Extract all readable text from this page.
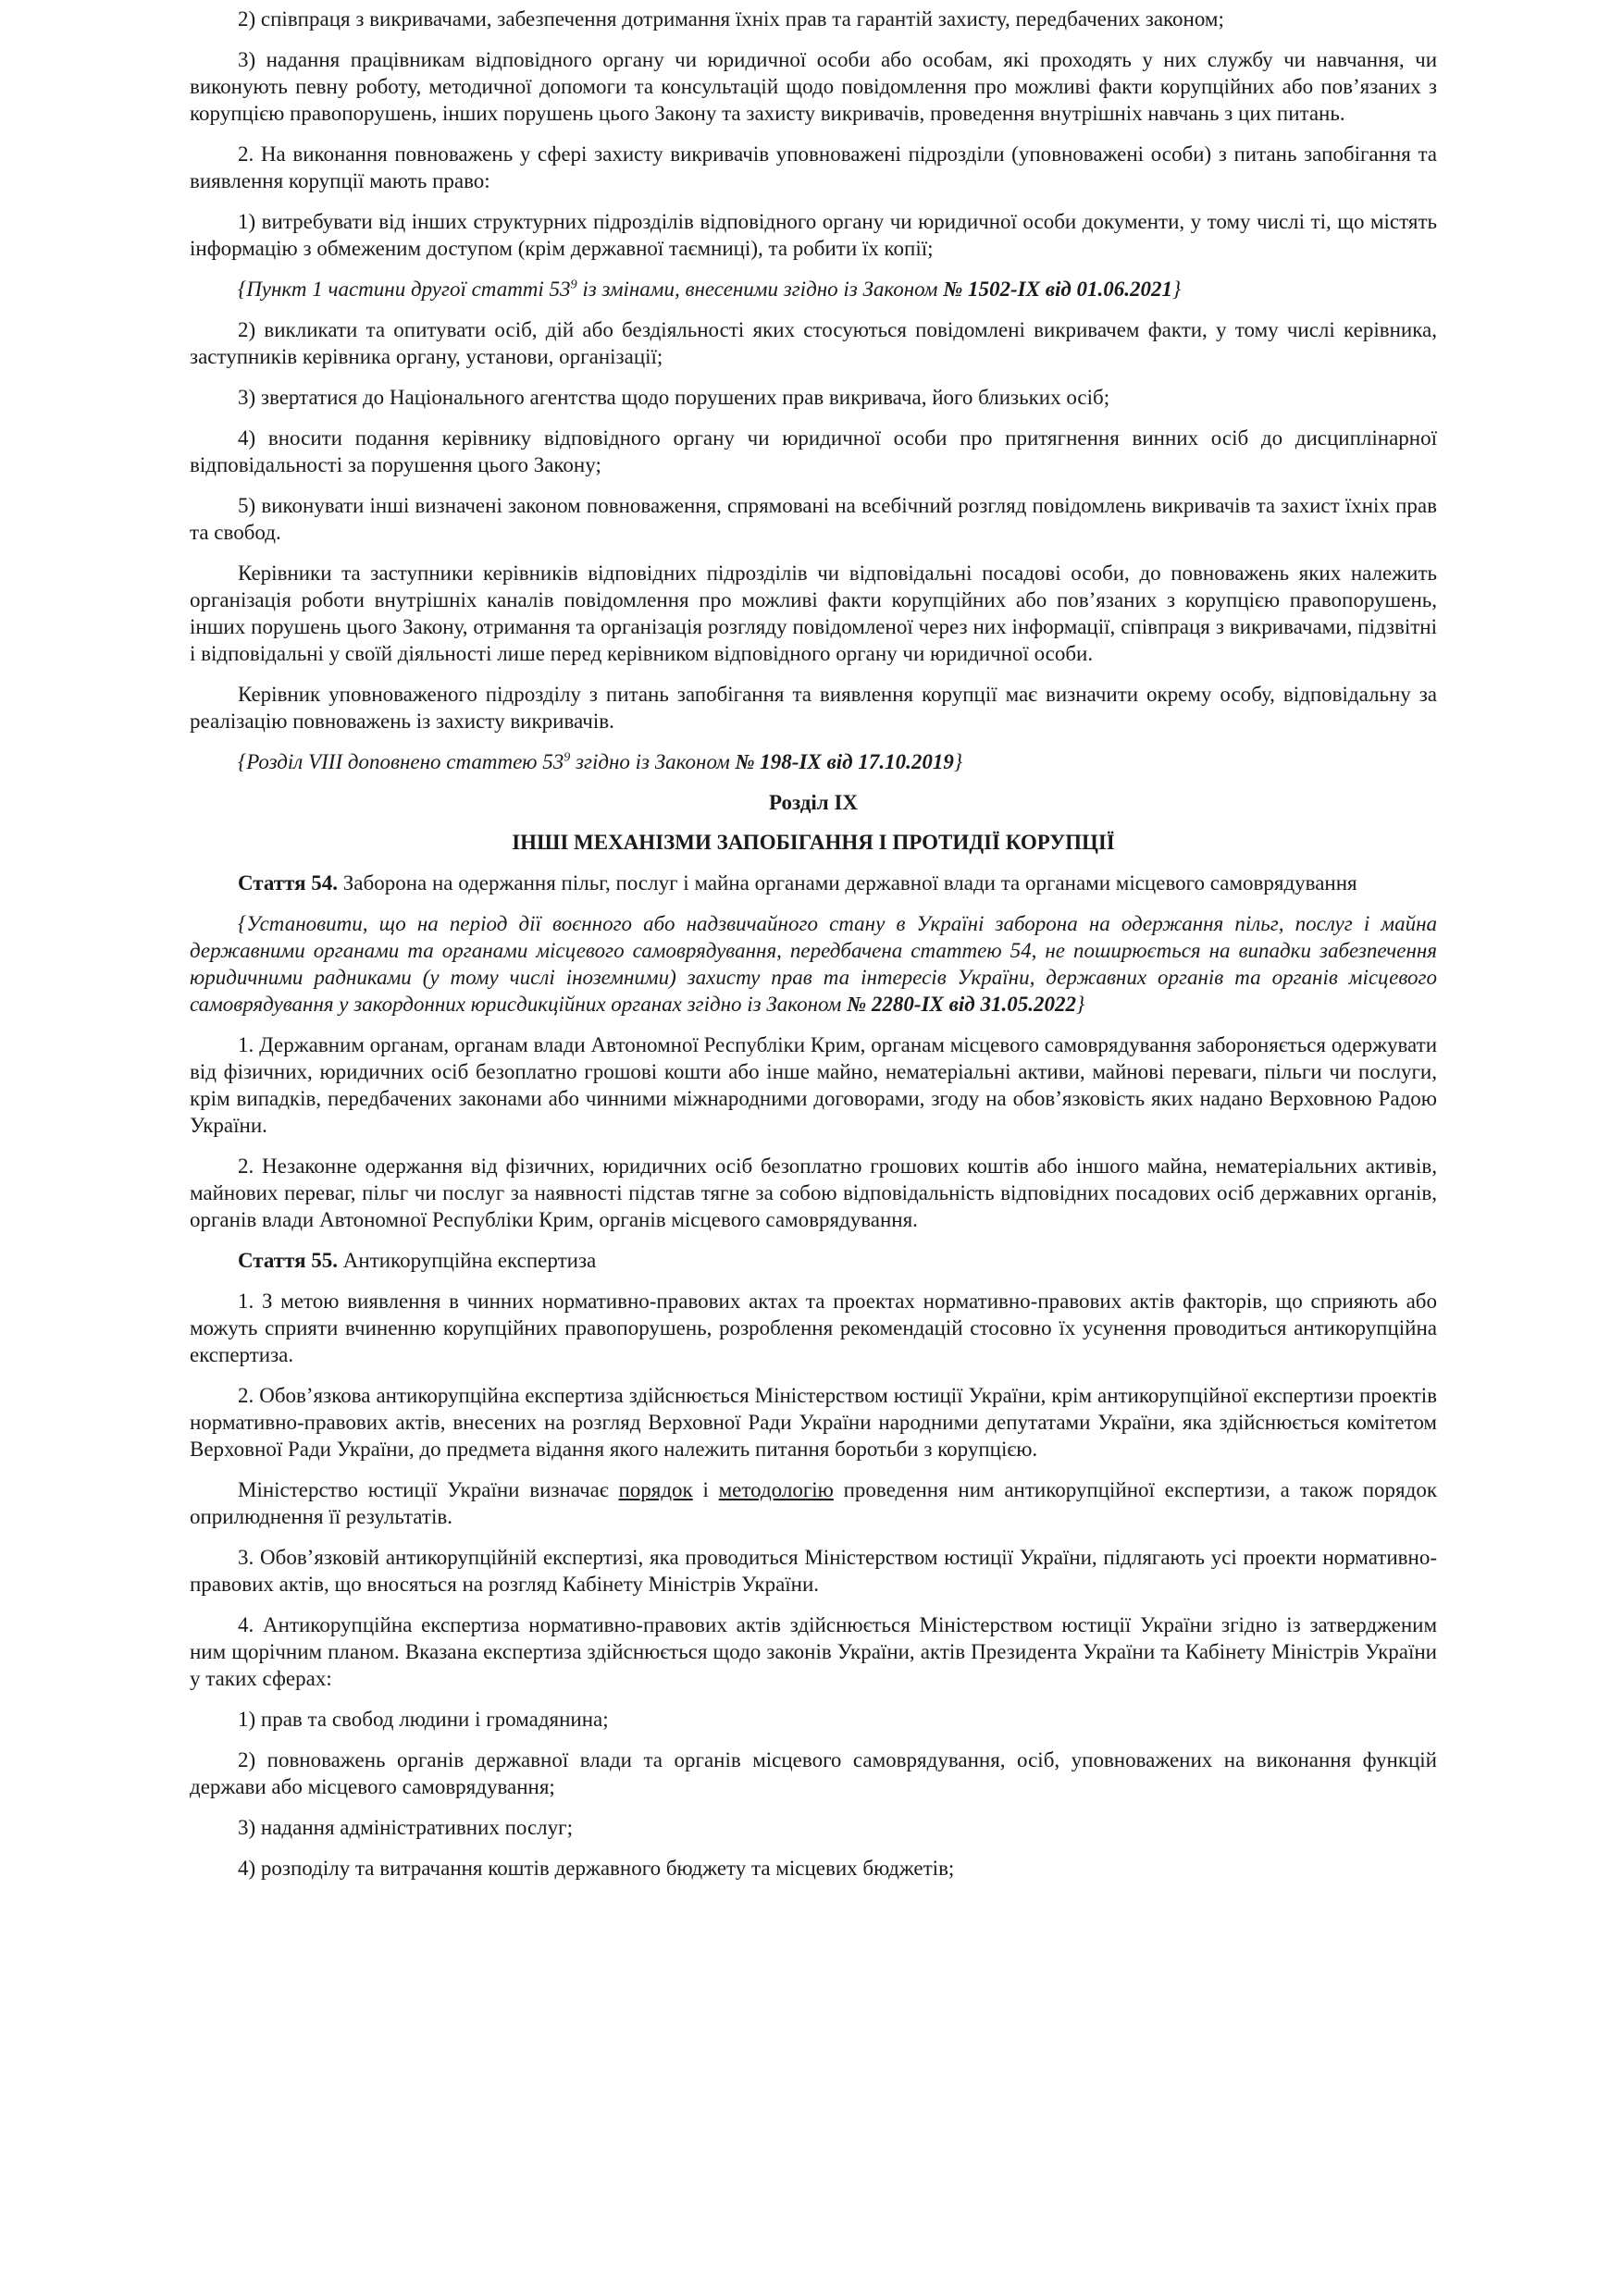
2) співпраця з викривачами, забезпечення дотримання їхніх прав та гарантій захисту, передбачених законом;

3) надання працівникам відповідного органу чи юридичної особи або особам, які проходять у них службу чи навчання, чи виконують певну роботу, методичної допомоги та консультацій щодо повідомлення про можливі факти корупційних або пов’язаних з корупцією правопорушень, інших порушень цього Закону та захисту викривачів, проведення внутрішніх навчань з цих питань.

2. На виконання повноважень у сфері захисту викривачів уповноважені підрозділи (уповноважені особи) з питань запобігання та виявлення корупції мають право:

1) витребувати від інших структурних підрозділів відповідного органу чи юридичної особи документи, у тому числі ті, що містять інформацію з обмеженим доступом (крім державної таємниці), та робити їх копії;

{Пункт 1 частини другої статті $53^9$ із змінами, внесеними згідно із Законом № 1502-IX від 01.06.2021}

2) викликати та опитувати осіб, дій або бездіяльності яких стосуються повідомлені викривачем факти, у тому числі керівника, заступників керівника органу, установи, організації;

3) звертатися до Національного агентства щодо порушених прав викривача, його близьких осіб;

4) вносити подання керівнику відповідного органу чи юридичної особи про притягнення винних осіб до дисциплінарної відповідальності за порушення цього Закону;

5) виконувати інші визначені законом повноваження, спрямовані на всебічний розгляд повідомлень викривачів та захист їхніх прав та свобод.

Керівники та заступники керівників відповідних підрозділів чи відповідальні посадові особи, до повноважень яких належить організація роботи внутрішніх каналів повідомлення про можливі факти корупційних або пов’язаних з корупцією правопорушень, інших порушень цього Закону, отримання та організація розгляду повідомленої через них інформації, співпраця з викривачами, підзвітні і відповідальні у своїй діяльності лише перед керівником відповідного органу чи юридичної особи.

Керівник уповноваженого підрозділу з питань запобігання та виявлення корупції має визначити окрему особу, відповідальну за реалізацію повноважень із захисту викривачів.

{Розділ VIII доповнено статтею $53^9$ згідно із Законом № 198-IX від 17.10.2019}

Розділ IX

ІНШІ МЕХАНІЗМИ ЗАПОБІГАННЯ І ПРОТИДІЇ КОРУПЦІЇ

Стаття 54. Заборона на одержання пільг, послуг і майна органами державної влади та органами місцевого самоврядування

{Установити, що на період дії воєнного або надзвичайного стану в Україні заборона на одержання пільг, послуг і майна державними органами та органами місцевого самоврядування, передбачена статтею 54, не поширюється на випадки забезпечення юридичними радниками (у тому числі іноземними) захисту прав та інтересів України, державних органів та органів місцевого самоврядування у закордонних юрисдикційних органах згідно із Законом № 2280-IX від 31.05.2022}

1. Державним органам, органам влади Автономної Республіки Крим, органам місцевого самоврядування забороняється одержувати від фізичних, юридичних осіб безоплатно грошові кошти або інше майно, нематеріальні активи, майнові переваги, пільги чи послуги, крім випадків, передбачених законами або чинними міжнародними договорами, згоду на обов’язковість яких надано Верховною Радою України.

2. Незаконне одержання від фізичних, юридичних осіб безоплатно грошових коштів або іншого майна, нематеріальних активів, майнових переваг, пільг чи послуг за наявності підстав тягне за собою відповідальність відповідних посадових осіб державних органів, органів влади Автономної Республіки Крим, органів місцевого самоврядування.

Стаття 55. Антикорупційна експертиза

1. З метою виявлення в чинних нормативно-правових актах та проектах нормативно-правових актів факторів, що сприяють або можуть сприяти вчиненню корупційних правопорушень, розроблення рекомендацій стосовно їх усунення проводиться антикорупційна експертиза.

2. Обов’язкова антикорупційна експертиза здійснюється Міністерством юстиції України, крім антикорупційної експертизи проектів нормативно-правових актів, внесених на розгляд Верховної Ради України народними депутатами України, яка здійснюється комітетом Верховної Ради України, до предмета відання якого належить питання боротьби з корупцією.

Міністерство юстиції України визначає порядок і методологію проведення ним антикорупційної експертизи, а також порядок оприлюднення її результатів.

3. Обов’язковій антикорупційній експертизі, яка проводиться Міністерством юстиції України, підлягають усі проекти нормативно-правових актів, що вносяться на розгляд Кабінету Міністрів України.

4. Антикорупційна експертиза нормативно-правових актів здійснюється Міністерством юстиції України згідно із затвердженим ним щорічним планом. Вказана експертиза здійснюється щодо законів України, актів Президента України та Кабінету Міністрів України у таких сферах:

1) прав та свобод людини і громадянина;

2) повноважень органів державної влади та органів місцевого самоврядування, осіб, уповноважених на виконання функцій держави або місцевого самоврядування;

3) надання адміністративних послуг;

4) розподілу та витрачання коштів державного бюджету та місцевих бюджетів;
